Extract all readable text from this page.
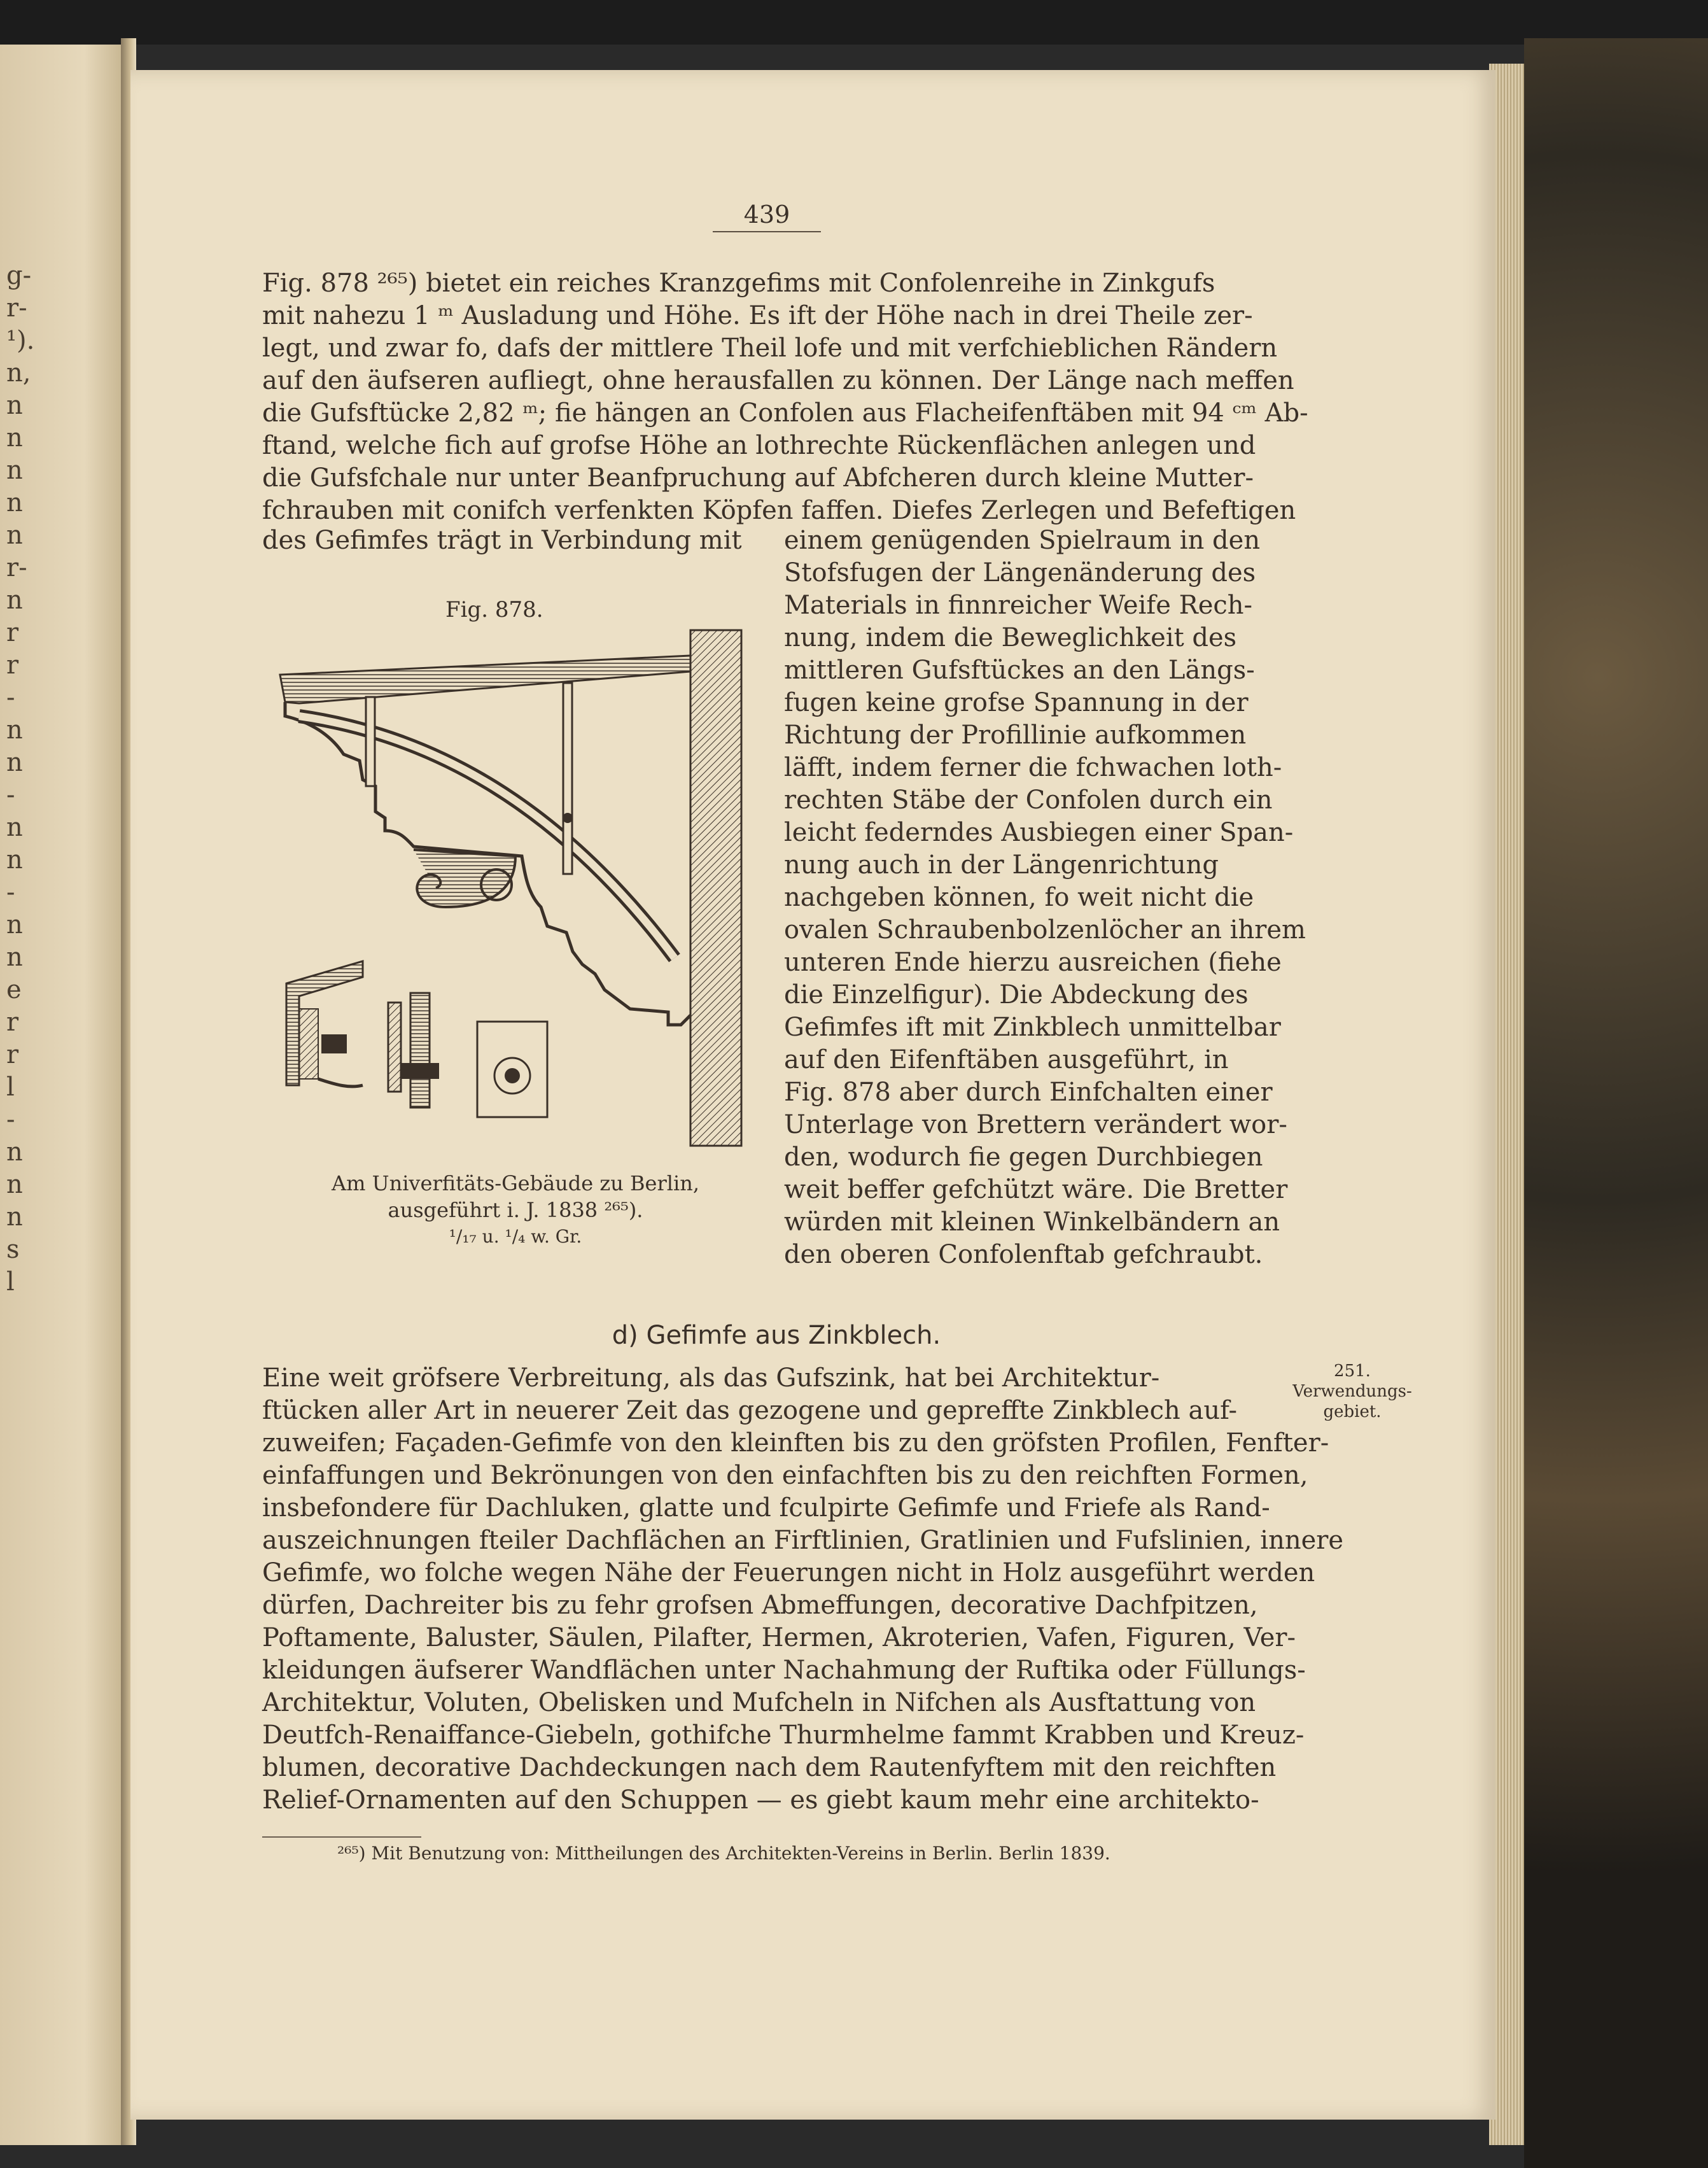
g-
r-
¹).
n,
n
n
n
n
n
r-
n
r
r
-
n
n
-
n
n
-
n
n
e
r
r
l
-
n
n
n
s
l
439
Fig. 878 ²⁶⁵) bietet ein reiches Kranzgefims mit Confolenreihe in Zinkgufs
mit nahezu 1 ᵐ Ausladung und Höhe. Es ift der Höhe nach in drei Theile zer-
legt, und zwar fo, dafs der mittlere Theil lofe und mit verfchieblichen Rändern
auf den äufseren aufliegt, ohne herausfallen zu können. Der Länge nach meffen
die Gufsftücke 2,82 ᵐ; fie hängen an Confolen aus Flacheifenftäben mit 94 ᶜᵐ Ab-
ftand, welche fich auf grofse Höhe an lothrechte Rückenflächen anlegen und
die Gufsfchale nur unter Beanfpruchung auf Abfcheren durch kleine Mutter-
fchrauben mit conifch verfenkten Köpfen faffen. Diefes Zerlegen und Befeftigen
des Gefimfes trägt in Verbindung mit	einem genügenden Spielraum in den
Stofsfugen der Längenänderung des
Materials in finnreicher Weife Rech-
nung, indem die Beweglichkeit des
mittleren Gufsftückes an den Längs-
fugen keine grofse Spannung in der
Richtung der Profillinie aufkommen
läfft, indem ferner die fchwachen loth-
rechten Stäbe der Confolen durch ein
leicht federndes Ausbiegen einer Span-
nung auch in der Längenrichtung
nachgeben können, fo weit nicht die
ovalen Schraubenbolzenlöcher an ihrem
unteren Ende hierzu ausreichen (fiehe
die Einzelfigur). Die Abdeckung des
Gefimfes ift mit Zinkblech unmittelbar
auf den Eifenftäben ausgeführt, in
Fig. 878 aber durch Einfchalten einer
Unterlage von Brettern verändert wor-
den, wodurch fie gegen Durchbiegen
weit beffer gefchützt wäre. Die Bretter
würden mit kleinen Winkelbändern an
den oberen Confolenftab gefchraubt.
Fig. 878.
Am Univerfitäts-Gebäude zu Berlin,
ausgeführt i. J. 1838 ²⁶⁵).
¹/₁₇ u. ¹/₄ w. Gr.
d) Gefimfe aus Zinkblech.
251.
Verwendungs-
gebiet.
Eine weit gröfsere Verbreitung, als das Gufszink, hat bei Architektur-
ftücken aller Art in neuerer Zeit das gezogene und gepreffte Zinkblech auf-
zuweifen; Façaden-Gefimfe von den kleinften bis zu den gröfsten Profilen, Fenfter-
einfaffungen und Bekrönungen von den einfachften bis zu den reichften Formen,
insbefondere für Dachluken, glatte und fculpirte Gefimfe und Friefe als Rand-
auszeichnungen fteiler Dachflächen an Firftlinien, Gratlinien und Fufslinien, innere
Gefimfe, wo folche wegen Nähe der Feuerungen nicht in Holz ausgeführt werden
dürfen, Dachreiter bis zu fehr grofsen Abmeffungen, decorative Dachfpitzen,
Poftamente, Baluster, Säulen, Pilafter, Hermen, Akroterien, Vafen, Figuren, Ver-
kleidungen äufserer Wandflächen unter Nachahmung der Ruftika oder Füllungs-
Architektur, Voluten, Obelisken und Mufcheln in Nifchen als Ausftattung von
Deutfch-Renaiffance-Giebeln, gothifche Thurmhelme fammt Krabben und Kreuz-
blumen, decorative Dachdeckungen nach dem Rautenfyftem mit den reichften
Relief-Ornamenten auf den Schuppen — es giebt kaum mehr eine architekto-
²⁶⁵) Mit Benutzung von: Mittheilungen des Architekten-Vereins in Berlin. Berlin 1839.
